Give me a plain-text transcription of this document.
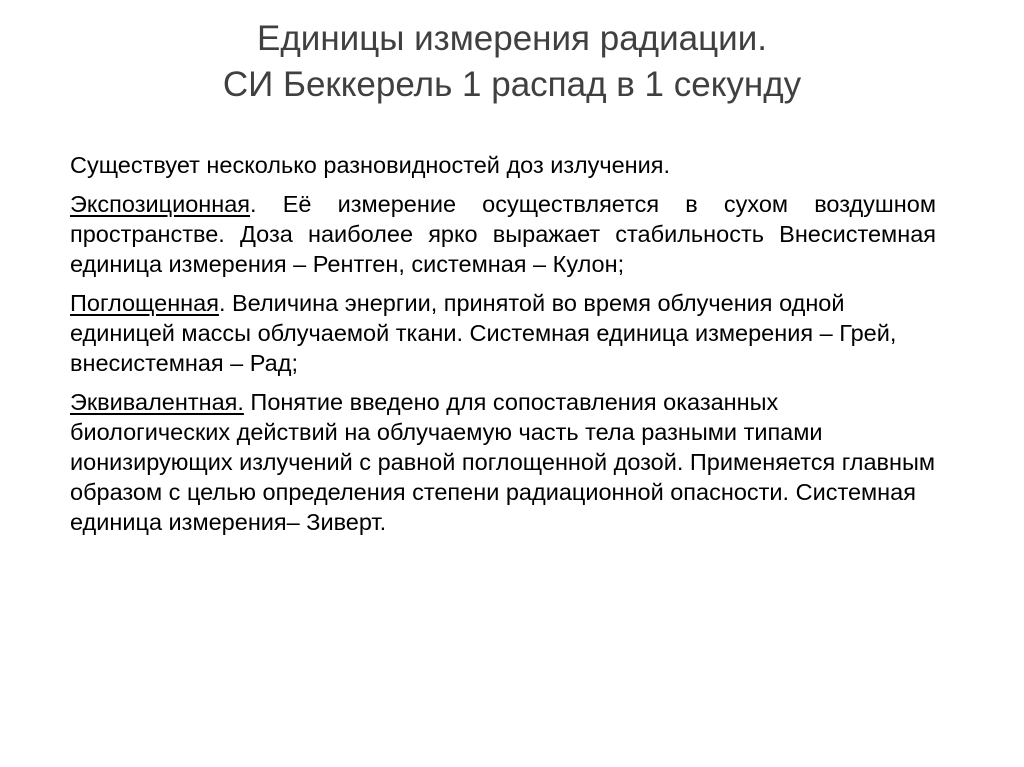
Единицы измерения радиации.
СИ Беккерель 1 распад в 1 секунду

Существует несколько разновидностей доз излучения.

Экспозиционная. Её измерение осуществляется в сухом воздушном пространстве. Доза наиболее ярко выражает стабильность Внесистемная единица измерения – Рентген, системная – Кулон;

Поглощенная. Величина энергии, принятой во время облучения одной единицей массы облучаемой ткани. Системная единица измерения – Грей, внесистемная – Рад;

Эквивалентная. Понятие введено для сопоставления оказанных биологических действий на облучаемую часть тела разными типами ионизирующих излучений с равной поглощенной дозой. Применяется главным образом с целью определения степени радиационной опасности. Системная единица измерения– Зиверт.
